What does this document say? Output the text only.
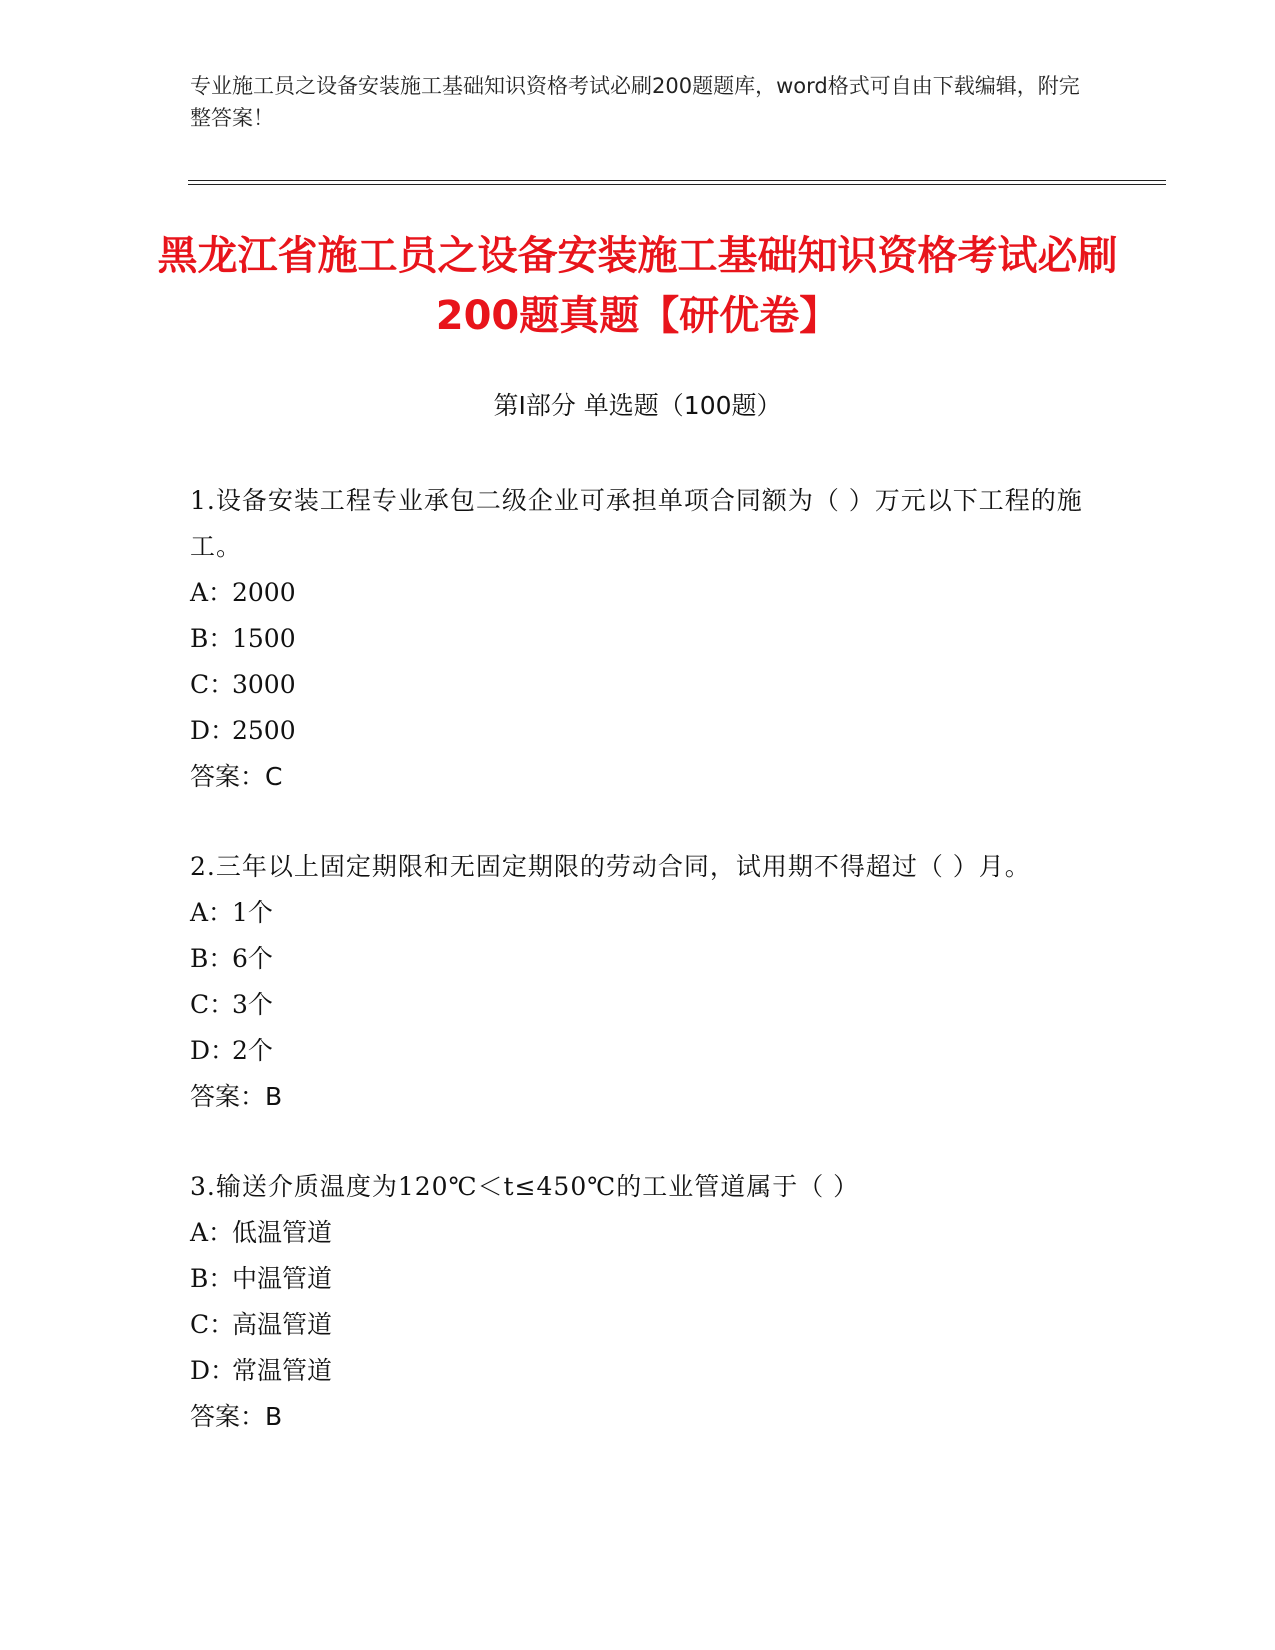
专业施工员之设备安装施工基础知识资格考试必刷200题题库，word格式可自由下载编辑，附完整答案！
黑龙江省施工员之设备安装施工基础知识资格考试必刷200题真题【研优卷】
第I部分 单选题（100题）
1.设备安装工程专业承包二级企业可承担单项合同额为（ ）万元以下工程的施工。
A：2000
B：1500
C：3000
D：2500
答案：C
2.三年以上固定期限和无固定期限的劳动合同，试用期不得超过（ ）月。
A：1个
B：6个
C：3个
D：2个
答案：B
3.输送介质温度为120℃＜t≤450℃的工业管道属于（ ）
A：低温管道
B：中温管道
C：高温管道
D：常温管道
答案：B
